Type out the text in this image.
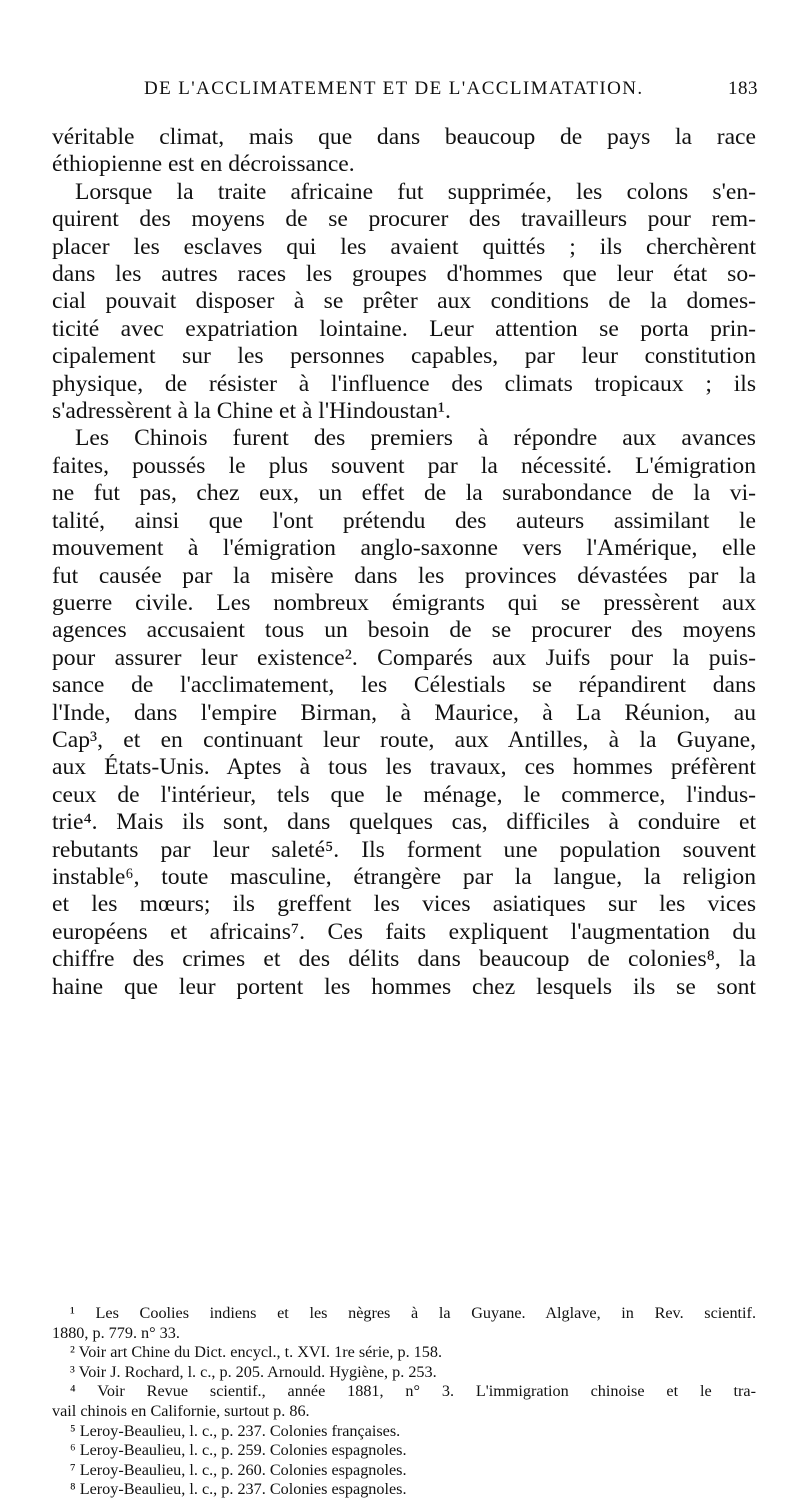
DE L'ACCLIMATEMENT ET DE L'ACCLIMATATION.	183
véritable climat, mais que dans beaucoup de pays la race
éthiopienne est en décroissance.
Lorsque la traite africaine fut supprimée, les colons s'en-
quirent des moyens de se procurer des travailleurs pour rem-
placer les esclaves qui les avaient quittés ; ils cherchèrent
dans les autres races les groupes d'hommes que leur état so-
cial pouvait disposer à se prêter aux conditions de la domes-
ticité avec expatriation lointaine. Leur attention se porta prin-
cipalement sur les personnes capables, par leur constitution
physique, de résister à l'influence des climats tropicaux ; ils
s'adressèrent à la Chine et à l'Hindoustan¹.
Les Chinois furent des premiers à répondre aux avances
faites, poussés le plus souvent par la nécessité. L'émigration
ne fut pas, chez eux, un effet de la surabondance de la vi-
talité, ainsi que l'ont prétendu des auteurs assimilant le
mouvement à l'émigration anglo-saxonne vers l'Amérique, elle
fut causée par la misère dans les provinces dévastées par la
guerre civile. Les nombreux émigrants qui se pressèrent aux
agences accusaient tous un besoin de se procurer des moyens
pour assurer leur existence². Comparés aux Juifs pour la puis-
sance de l'acclimatement, les Célestials se répandirent dans
l'Inde, dans l'empire Birman, à Maurice, à La Réunion, au
Cap³, et en continuant leur route, aux Antilles, à la Guyane,
aux États-Unis. Aptes à tous les travaux, ces hommes préfèrent
ceux de l'intérieur, tels que le ménage, le commerce, l'indus-
trie⁴. Mais ils sont, dans quelques cas, difficiles à conduire et
rebutants par leur saleté⁵. Ils forment une population souvent
instable⁶, toute masculine, étrangère par la langue, la religion
et les mœurs; ils greffent les vices asiatiques sur les vices
européens et africains⁷. Ces faits expliquent l'augmentation du
chiffre des crimes et des délits dans beaucoup de colonies⁸, la
haine que leur portent les hommes chez lesquels ils se sont
¹ Les Coolies indiens et les nègres à la Guyane. Alglave, in Rev. scientif.
1880, p. 779. n° 33.
² Voir art Chine du Dict. encycl., t. XVI. 1re série, p. 158.
³ Voir J. Rochard, l. c., p. 205. Arnould. Hygiène, p. 253.
⁴ Voir Revue scientif., année 1881, n° 3. L'immigration chinoise et le tra-
vail chinois en Californie, surtout p. 86.
⁵ Leroy-Beaulieu, l. c., p. 237. Colonies françaises.
⁶ Leroy-Beaulieu, l. c., p. 259. Colonies espagnoles.
⁷ Leroy-Beaulieu, l. c., p. 260. Colonies espagnoles.
⁸ Leroy-Beaulieu, l. c., p. 237. Colonies espagnoles.
